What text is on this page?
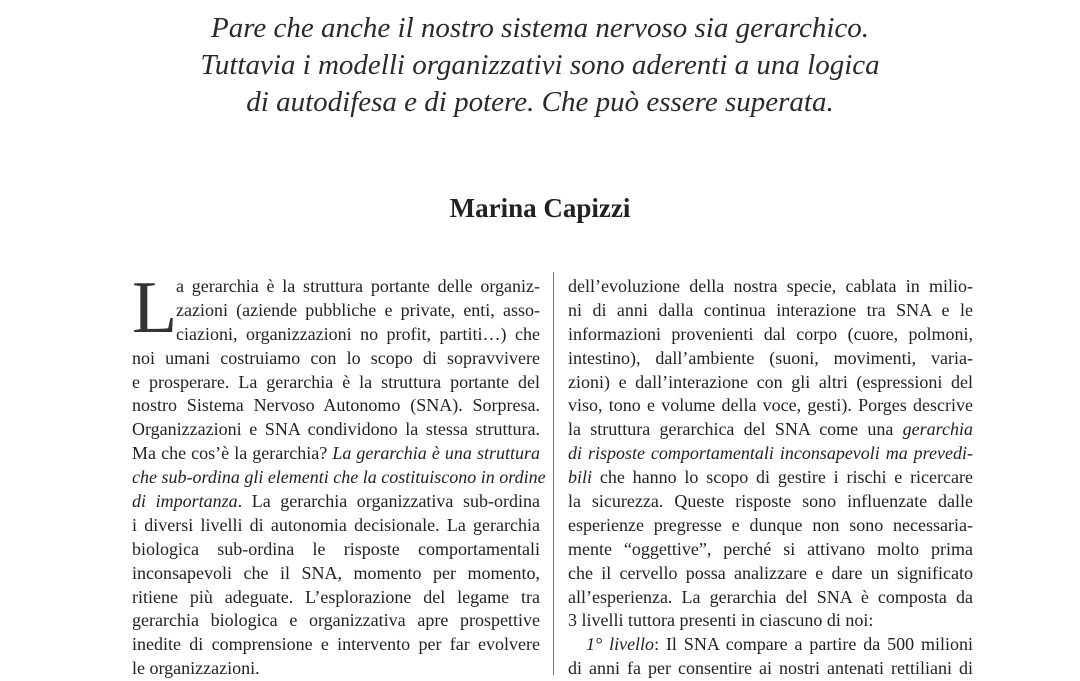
Pare che anche il nostro sistema nervoso sia gerarchico.
Tuttavia i modelli organizzativi sono aderenti a una logica
di autodifesa e di potere. Che può essere superata.
Marina Capizzi
L
a gerarchia è la struttura portante delle organiz-
zazioni (aziende pubbliche e private, enti, asso-
ciazioni, organizzazioni no profit, partiti…) che
noi umani costruiamo con lo scopo di sopravvivere
e prosperare. La gerarchia è la struttura portante del
nostro Sistema Nervoso Autonomo (SNA). Sorpresa.
Organizzazioni e SNA condividono la stessa struttura.
Ma che cos’è la gerarchia? La gerarchia è una struttura
che sub-ordina gli elementi che la costituiscono in ordine
di importanza. La gerarchia organizzativa sub-ordina
i diversi livelli di autonomia decisionale. La gerarchia
biologica sub-ordina le risposte comportamentali
inconsapevoli che il SNA, momento per momento,
ritiene più adeguate. L’esplorazione del legame tra
gerarchia biologica e organizzativa apre prospettive
inedite di comprensione e intervento per far evolvere
le organizzazioni.
dell’evoluzione della nostra specie, cablata in milio-
ni di anni dalla continua interazione tra SNA e le
informazioni provenienti dal corpo (cuore, polmoni,
intestino), dall’ambiente (suoni, movimenti, varia-
zioni) e dall’interazione con gli altri (espressioni del
viso, tono e volume della voce, gesti). Porges descrive
la struttura gerarchica del SNA come una gerarchia
di risposte comportamentali inconsapevoli ma prevedi-
bili che hanno lo scopo di gestire i rischi e ricercare
la sicurezza. Queste risposte sono influenzate dalle
esperienze pregresse e dunque non sono necessaria-
mente “oggettive”, perché si attivano molto prima
che il cervello possa analizzare e dare un significato
all’esperienza. La gerarchia del SNA è composta da
3 livelli tuttora presenti in ciascuno di noi:
1° livello: Il SNA compare a partire da 500 milioni
di anni fa per consentire ai nostri antenati rettiliani di
